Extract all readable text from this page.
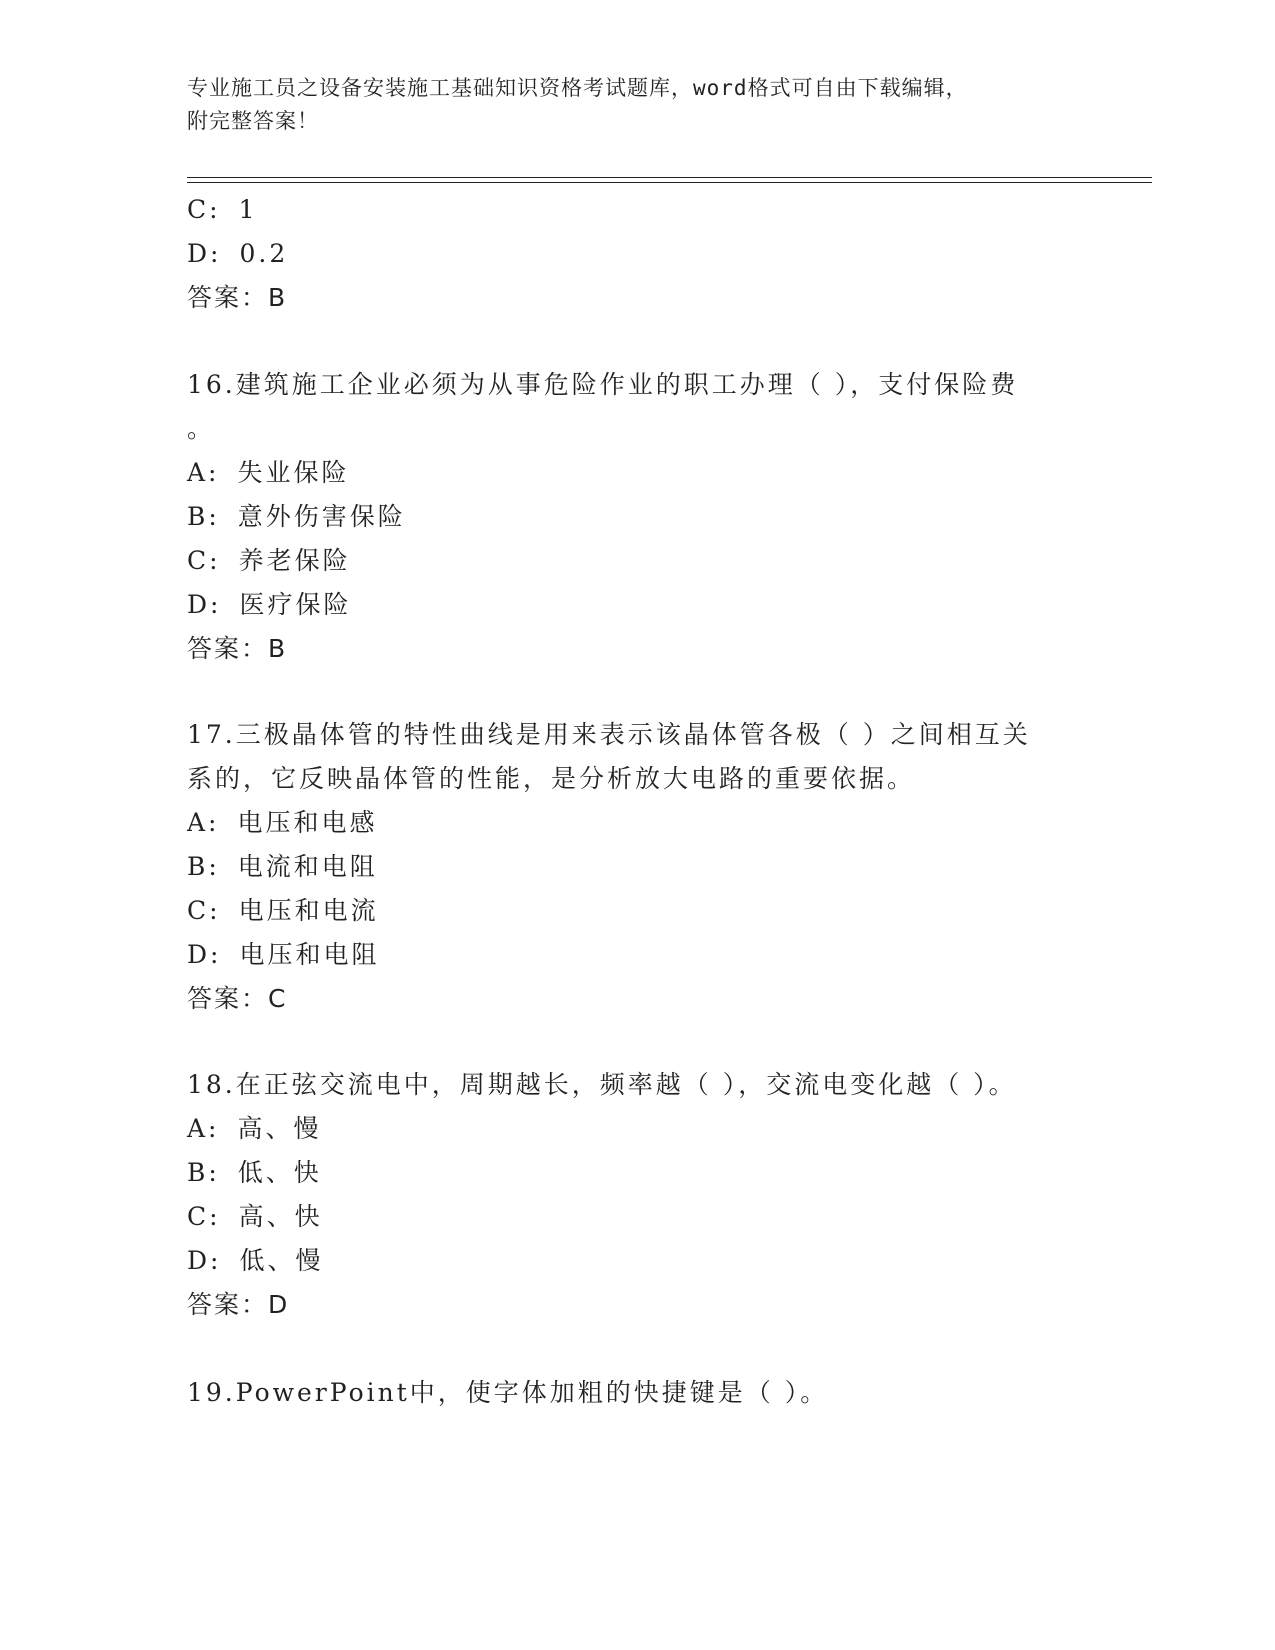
专业施工员之设备安装施工基础知识资格考试题库，word格式可自由下载编辑，
附完整答案！
C: 1
D: 0.2
答案：B
16.建筑施工企业必须为从事危险作业的职工办理（ ），支付保险费
。
A: 失业保险
B: 意外伤害保险
C: 养老保险
D: 医疗保险
答案：B
17.三极晶体管的特性曲线是用来表示该晶体管各极（ ）之间相互关
系的，它反映晶体管的性能，是分析放大电路的重要依据。
A: 电压和电感
B: 电流和电阻
C: 电压和电流
D: 电压和电阻
答案：C
18.在正弦交流电中，周期越长，频率越（ ），交流电变化越（ ）。
A: 高、慢
B: 低、快
C: 高、快
D: 低、慢
答案：D
19.PowerPoint中，使字体加粗的快捷键是（ ）。
